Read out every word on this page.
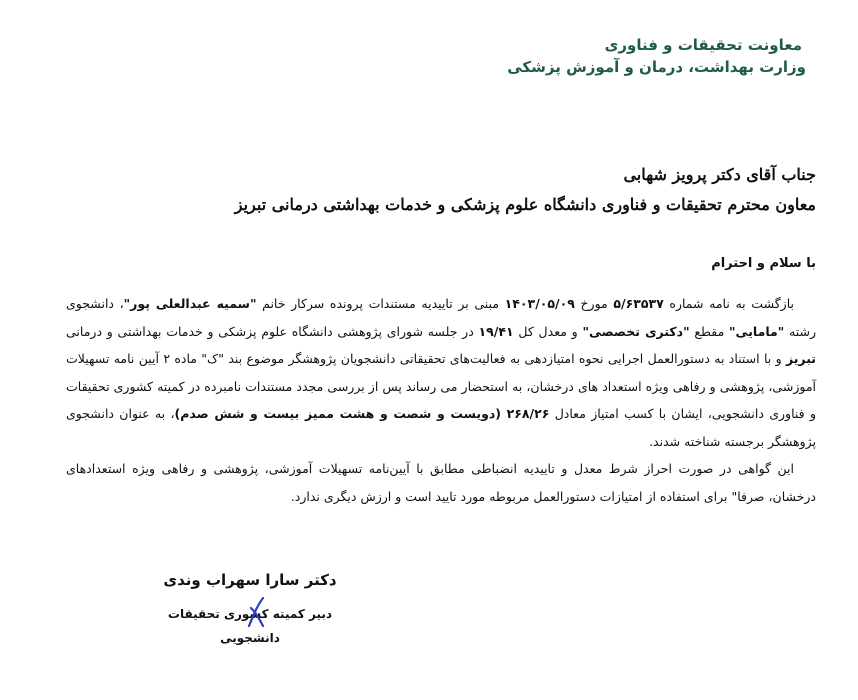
معاونت تحقیقات و فناوری
وزارت بهداشت، درمان و آموزش پزشکی
جناب آقای دکتر پرویز شهابی
معاون محترم تحقیقات و فناوری دانشگاه علوم پزشکی و خدمات بهداشتی درمانی تبریز
با سلام و احترام

بازگشت به نامه شماره ۵/۶۳۵۳۷ مورخ ۱۴۰۳/۰۵/۰۹ مبنی بر تاییدیه مستندات پرونده سرکار خانم "سمیه عبدالعلی پور"، دانشجوی رشته "مامایی" مقطع "دکتری تخصصی" و معدل کل ۱۹/۴۱ در جلسه شورای پژوهشی دانشگاه علوم پزشکی و خدمات بهداشتی و درمانی تبریز و با استناد به دستورالعمل اجرایی نحوه امتیازدهی به فعالیت‌های تحقیقاتی دانشجویان پژوهشگر موضوع بند "ک" ماده ۲ آیین نامه تسهیلات آموزشی، پژوهشی و رفاهی ویژه استعداد های درخشان، به استحضار می رساند پس از بررسی مجدد مستندات نامبرده در کمیته کشوری تحقیقات و فناوری دانشجویی، ایشان با کسب امتیاز معادل ۲۶۸/۲۶ (دویست و شصت و هشت ممیز بیست و شش صدم)، به عنوان دانشجوی پژوهشگر برجسته شناخته شدند.

این گواهی در صورت احراز شرط معدل و تاییدیه انضباطی مطابق با آیین‌نامه تسهیلات آموزشی، پژوهشی و رفاهی ویژه استعدادهای درخشان، صرفا" برای استفاده از امتیازات دستورالعمل مربوطه مورد تایید است و ارزش دیگری ندارد.

دکتر سارا سهراب وندی
دبیر کمیته کشوری تحقیقات دانشجویی
